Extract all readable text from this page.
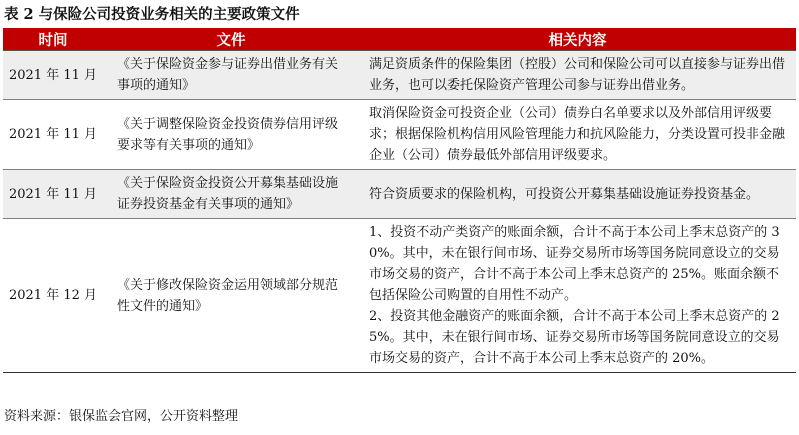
表 2 与保险公司投资业务相关的主要政策文件
时间	文件	相关内容
2021 年 11 月	《关于保险资金参与证券出借业务有关事项的通知》	满足资质条件的保险集团（控股）公司和保险公司可以直接参与证券出借业务，也可以委托保险资产管理公司参与证券出借业务。

2021 年 11 月	《关于调整保险资金投资债券信用评级要求等有关事项的通知》	取消保险资金可投资企业（公司）债券白名单要求以及外部信用评级要求；根据保险机构信用风险管理能力和抗风险能力，分类设置可投非金融企业（公司）债券最低外部信用评级要求。

2021 年 11 月	《关于保险资金投资公开募集基础设施证券投资基金有关事项的通知》	符合资质要求的保险机构，可投资公开募集基础设施证券投资基金。

2021 年 12 月	《关于修改保险资金运用领域部分规范性文件的通知》	1、投资不动产类资产的账面余额，合计不高于本公司上季末总资产的 30%。其中，未在银行间市场、证券交易所市场等国务院同意设立的交易市场交易的资产，合计不高于本公司上季末总资产的 25%。账面余额不包括保险公司购置的自用性不动产。
2、投资其他金融资产的账面余额，合计不高于本公司上季末总资产的 25%。其中，未在银行间市场、证券交易所市场等国务院同意设立的交易市场交易的资产，合计不高于本公司上季末总资产的 20%。
资料来源：银保监会官网，公开资料整理
